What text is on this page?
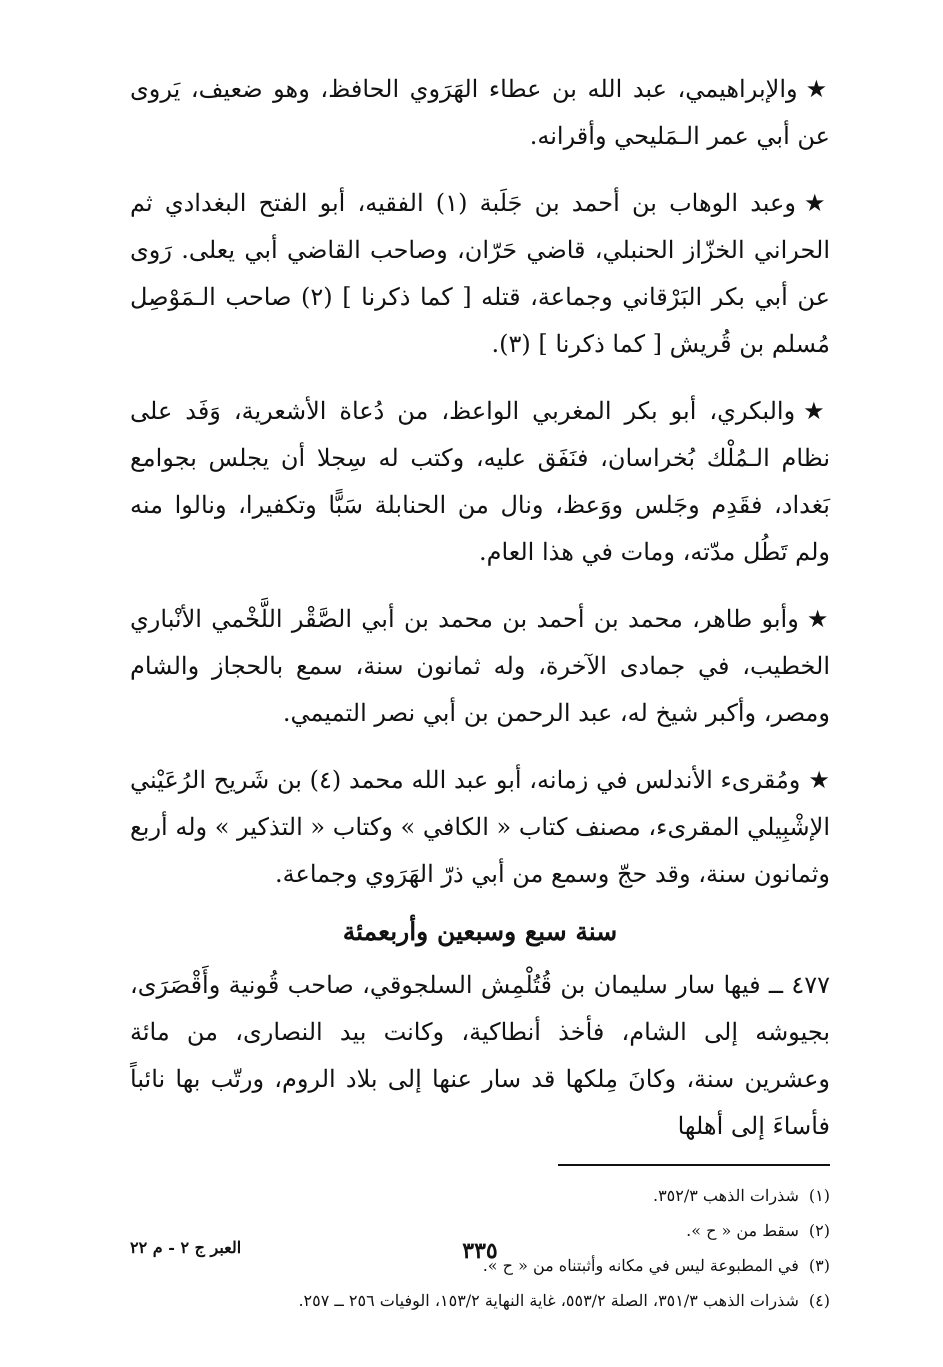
★والإبراهيمي، عبد الله بن عطاء الهَرَوي الحافظ، وهو ضعيف، يَروى عن أبي عمر الـمَليحي وأقرانه.

★وعبد الوهاب بن أحمد بن جَلَبة (١) الفقيه، أبو الفتح البغدادي ثم الحراني الخزّاز الحنبلي، قاضي حَرّان، وصاحب القاضي أبي يعلى. رَوى عن أبي بكر البَرْقاني وجماعة، قتله [ كما ذكرنا ] (٢) صاحب الـمَوْصِل مُسلم بن قُريش [ كما ذكرنا ] (٣).

★والبكري، أبو بكر المغربي الواعظ، من دُعاة الأشعرية، وَفَد على نظام الـمُلْك بُخراسان، فنَفَق عليه، وكتب له سِجلا أن يجلس بجوامع بَغداد، فقَدِم وجَلس ووَعظ، ونال من الحنابلة سَبًّا وتكفيرا، ونالوا منه ولم تَطُل مدّته، ومات في هذا العام.

★وأبو طاهر، محمد بن أحمد بن محمد بن أبي الصَّقْر اللَّخْمي الأنْباري الخطيب، في جمادى الآخرة، وله ثمانون سنة، سمع بالحجاز والشام ومصر، وأكبر شيخ له، عبد الرحمن بن أبي نصر التميمي.

★ومُقرىء الأندلس في زمانه، أبو عبد الله محمد (٤) بن شَريح الرُعَيْني الإشْبِيلي المقرىء، مصنف كتاب « الكافي » وكتاب « التذكير » وله أربع وثمانون سنة، وقد حجّ وسمع من أبي ذرّ الهَرَوي وجماعة.

سنة سبع وسبعين وأربعمئة

٤٧٧ ــ فيها سار سليمان بن قُتُلْمِش السلجوقي، صاحب قُونية وأَقْصَرَى، بجيوشه إلى الشام، فأخذ أنطاكية، وكانت بيد النصارى، من مائة وعشرين سنة، وكانَ مِلكها قد سار عنها إلى بلاد الروم، ورتّب بها نائباً فأساءَ إلى أهلها

(١)شذرات الذهب ٣٥٢/٣.
(٢)سقط من « ح ».
(٣)في المطبوعة ليس في مكانه وأثبتناه من « ح ».
(٤)شذرات الذهب ٣٥١/٣، الصلة ٥٥٣/٢، غاية النهاية ١٥٣/٢، الوفيات ٢٥٦ ــ ٢٥٧.
٣٣٥
العبر ج ٢ - م ٢٢
